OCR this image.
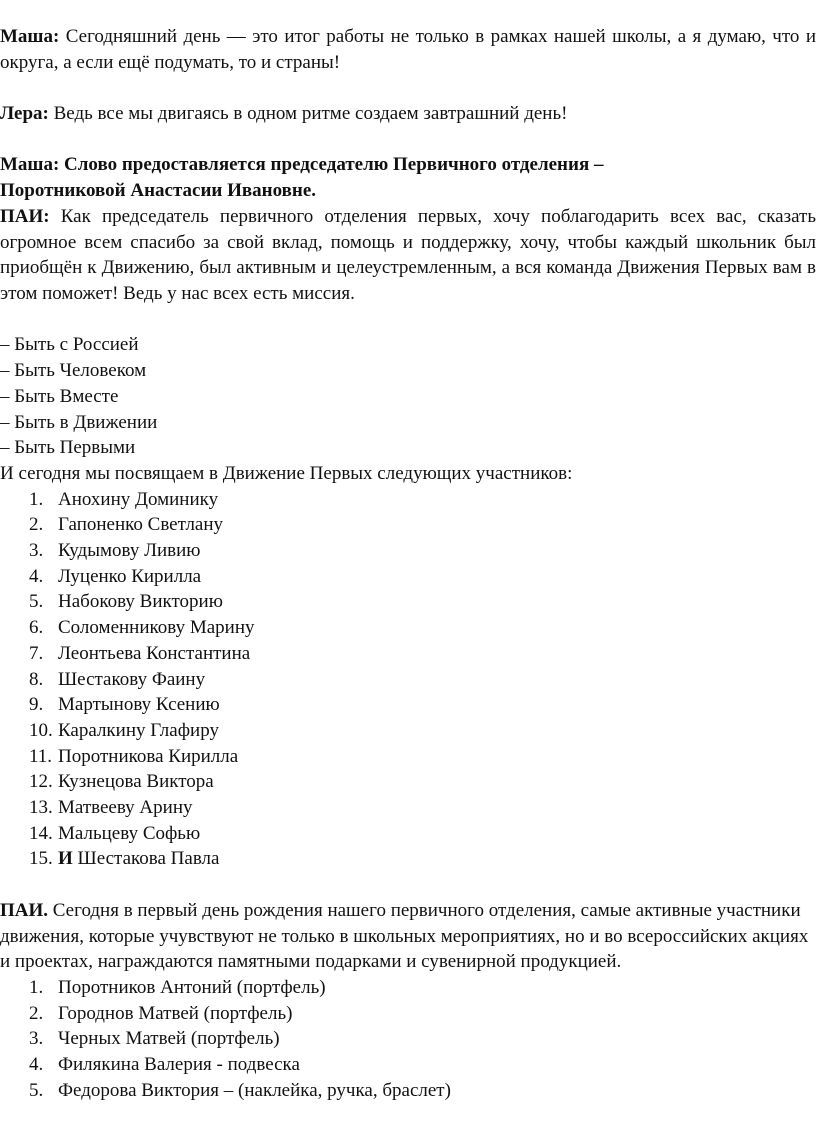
Маша: Сегодняшний день — это итог работы не только в рамках нашей школы, а я думаю, что и округа, а если ещё подумать, то и страны!

Лера: Ведь все мы двигаясь в одном ритме создаем завтрашний день!

Маша: Слово предоставляется председателю Первичного отделения –

Поротниковой Анастасии Ивановне.

ПАИ: Как председатель первичного отделения первых, хочу поблагодарить всех вас, сказать огромное всем спасибо за свой вклад, помощь и поддержку, хочу, чтобы каждый школьник был приобщён к Движению, был активным и целеустремленным, а вся команда Движения Первых вам в этом поможет! Ведь у нас всех есть миссия.

– Быть с Россией

– Быть Человеком

– Быть Вместе

– Быть в Движении

– Быть Первыми

И сегодня мы посвящаем в Движение Первых следующих участников:

1. Анохину Доминику
2. Гапоненко Светлану
3. Кудымову Ливию
4. Луценко Кирилла
5. Набокову Викторию
6. Соломенникову Марину
7. Леонтьева Константина
8. Шестакову Фаину
9. Мартынову Ксению
10. Каралкину Глафиру
11. Поротникова Кирилла
12. Кузнецова Виктора
13. Матвееву Арину
14. Мальцеву Софью
15. И Шестакова Павла

ПАИ. Сегодня в первый день рождения нашего первичного отделения, самые активные участники движения, которые учувствуют не только в школьных мероприятиях, но и во всероссийских акциях и проектах, награждаются памятными подарками и сувенирной продукцией.

1. Поротников Антоний (портфель)
2. Городнов Матвей (портфель)
3. Черных Матвей (портфель)
4. Филякина Валерия - подвеска
5. Федорова Виктория – (наклейка, ручка, браслет)
